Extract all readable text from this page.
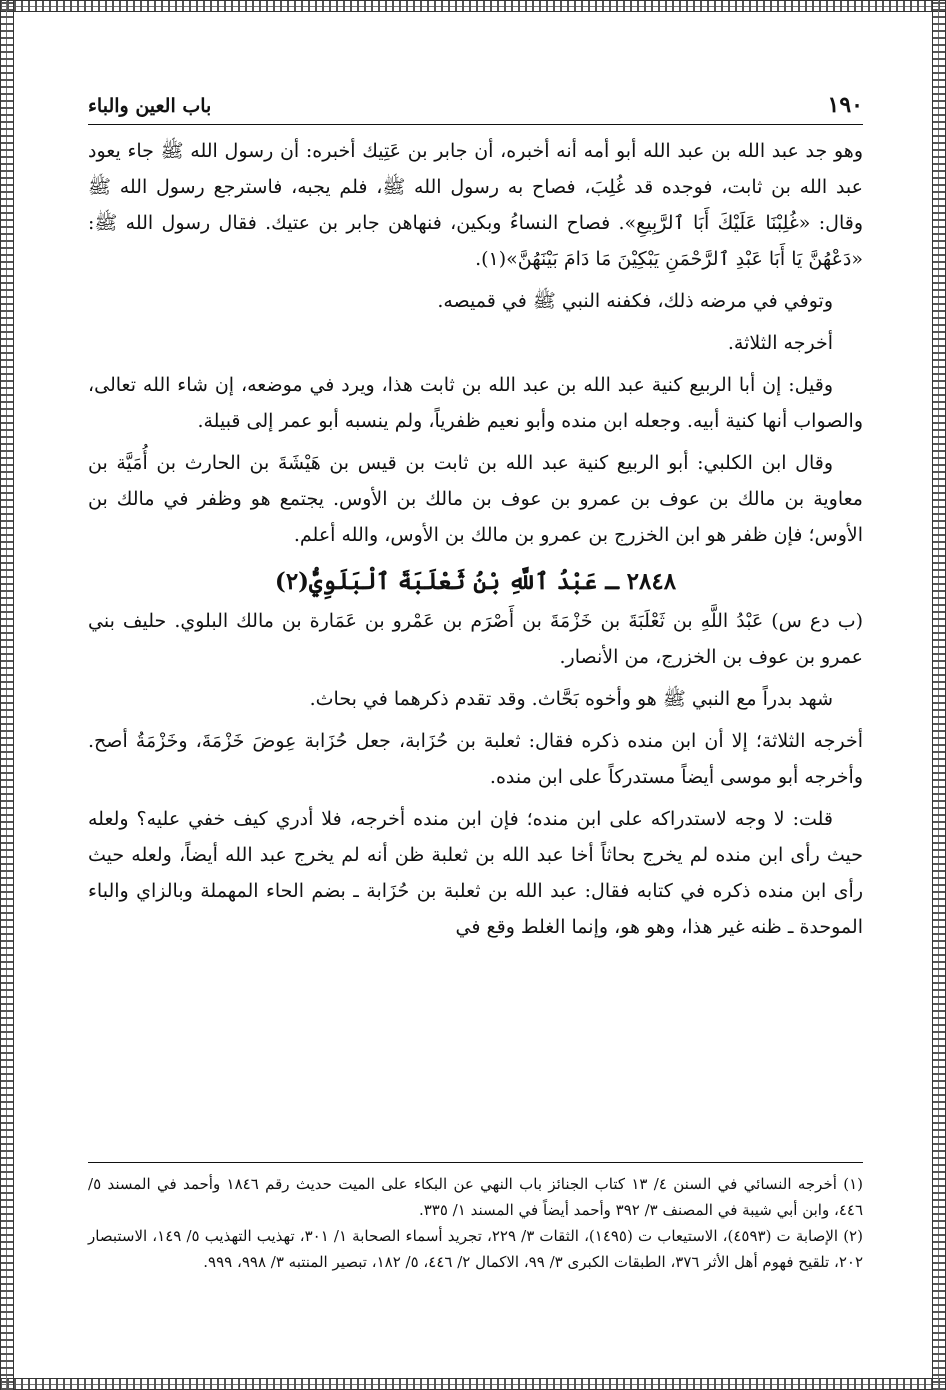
١٩٠
باب العين والباء

وهو جد عبد الله بن عبد الله أبو أمه أنه أخبره، أن جابر بن عَتِيك أخبره: أن رسول الله ﷺ جاء يعود عبد الله بن ثابت، فوجده قد غُلِبَ، فصاح به رسول الله ﷺ، فلم يجبه، فاسترجع رسول الله ﷺ وقال: «غُلِبْنَا عَلَيْكَ أَبَا ٱلرَّبِيعِ». فصاح النساءُ وبكين، فنهاهن جابر بن عتيك. فقال رسول الله ﷺ: «دَعْهُنَّ يَا أَبَا عَبْدِ ٱلرَّحْمَنِ يَبْكِيْنَ مَا دَامَ بَيْنَهُنَّ»(١).

وتوفي في مرضه ذلك، فكفنه النبي ﷺ في قميصه.

أخرجه الثلاثة.

وقيل: إن أبا الربيع كنية عبد الله بن عبد الله بن ثابت هذا، ويرد في موضعه، إن شاء الله تعالى، والصواب أنها كنية أبيه. وجعله ابن منده وأبو نعيم ظفرياً، ولم ينسبه أبو عمر إلى قبيلة.

وقال ابن الكلبي: أبو الربيع كنية عبد الله بن ثابت بن قيس بن هَيْشَةَ بن الحارث بن أُمَيَّة بن معاوية بن مالك بن عوف بن عمرو بن عوف بن مالك بن الأوس. يجتمع هو وظفر في مالك بن الأوس؛ فإن ظفر هو ابن الخزرج بن عمرو بن مالك بن الأوس، والله أعلم.

٢٨٤٨ ـ عَبْدُ ٱللَّهِ بْنُ ثَعْلَبَةَ ٱلْبَلَوِيُّ(٢)

(ب دع س) عَبْدُ اللَّهِ بن ثَعْلَبَةَ بن خَزْمَةَ بن أَصْرَم بن عَمْرو بن عَمَارة بن مالك البلوي. حليف بني عمرو بن عوف بن الخزرج، من الأنصار.

شهد بدراً مع النبي ﷺ هو وأخوه بَحَّاث. وقد تقدم ذكرهما في بحاث.

أخرجه الثلاثة؛ إلا أن ابن منده ذكره فقال: ثعلبة بن حُزَابة، جعل حُزَابة عِوضَ خَزْمَةَ، وخَزْمَةُ أصح. وأخرجه أبو موسى أيضاً مستدركاً على ابن منده.

قلت: لا وجه لاستدراكه على ابن منده؛ فإن ابن منده أخرجه، فلا أدري كيف خفي عليه؟ ولعله حيث رأى ابن منده لم يخرج بحاثاً أخا عبد الله بن ثعلبة ظن أنه لم يخرج عبد الله أيضاً، ولعله حيث رأى ابن منده ذكره في كتابه فقال: عبد الله بن ثعلبة بن حُزَابة ـ بضم الحاء المهملة وبالزاي والباء الموحدة ـ ظنه غير هذا، وهو هو، وإنما الغلط وقع في

(١) أخرجه النسائي في السنن ٤/ ١٣ كتاب الجنائز باب النهي عن البكاء على الميت حديث رقم ١٨٤٦ وأحمد في المسند ٥/ ٤٤٦، وابن أبي شيبة في المصنف ٣/ ٣٩٢ وأحمد أيضاً في المسند ١/ ٣٣٥.

(٢) الإصابة ت (٤٥٩٣)، الاستيعاب ت (١٤٩٥)، الثقات ٣/ ٢٢٩، تجريد أسماء الصحابة ١/ ٣٠١، تهذيب التهذيب ٥/ ١٤٩، الاستبصار ٢٠٢، تلقيح فهوم أهل الأثر ٣٧٦، الطبقات الكبرى ٣/ ٩٩، الاكمال ٢/ ٤٤٦، ٥/ ١٨٢، تبصير المنتبه ٣/ ٩٩٨، ٩٩٩.
